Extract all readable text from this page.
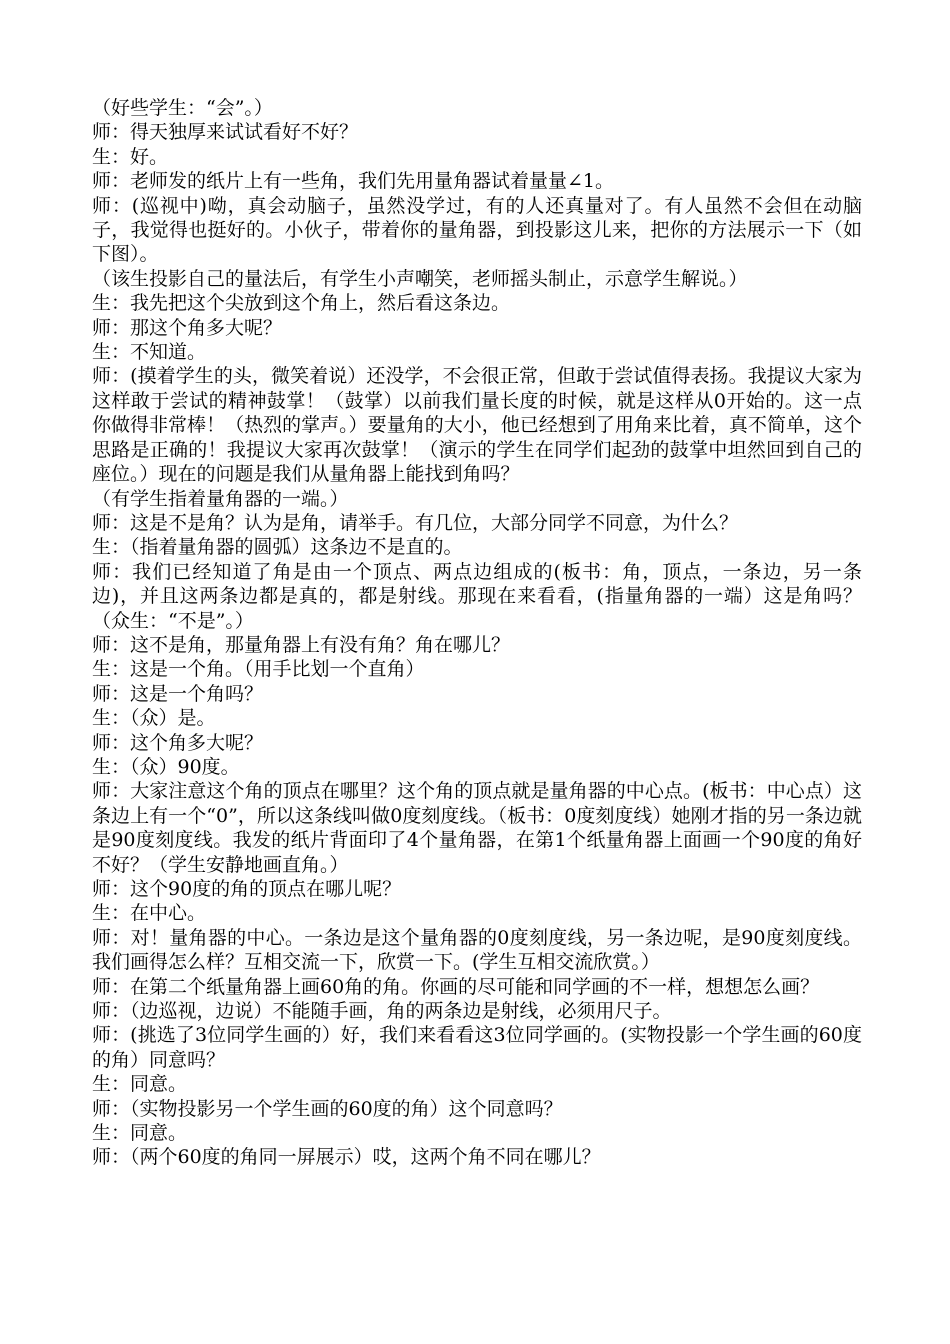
（好些学生：“会”。）

师：得天独厚来试试看好不好？

生：好。

师：老师发的纸片上有一些角，我们先用量角器试着量量∠1。

师：(巡视中)呦，真会动脑子，虽然没学过，有的人还真量对了。有人虽然不会但在动脑子，我觉得也挺好的。小伙子，带着你的量角器，到投影这儿来，把你的方法展示一下（如下图）。

（该生投影自己的量法后，有学生小声嘲笑，老师摇头制止，示意学生解说。）

生：我先把这个尖放到这个角上，然后看这条边。

师：那这个角多大呢？

生：不知道。

师：(摸着学生的头，微笑着说）还没学，不会很正常，但敢于尝试值得表扬。我提议大家为这样敢于尝试的精神鼓掌！（鼓掌）以前我们量长度的时候，就是这样从0开始的。这一点你做得非常棒！（热烈的掌声。）要量角的大小，他已经想到了用角来比着，真不简单，这个思路是正确的！我提议大家再次鼓掌！（演示的学生在同学们起劲的鼓掌中坦然回到自己的座位。）现在的问题是我们从量角器上能找到角吗？

（有学生指着量角器的一端。）

师：这是不是角？认为是角，请举手。有几位，大部分同学不同意，为什么？

生：（指着量角器的圆弧）这条边不是直的。

师：我们已经知道了角是由一个顶点、两点边组成的(板书：角，顶点，一条边，另一条边)，并且这两条边都是真的，都是射线。那现在来看看，(指量角器的一端）这是角吗？（众生：“不是”。）

师：这不是角，那量角器上有没有角？角在哪儿？

生：这是一个角。（用手比划一个直角）

师：这是一个角吗？

生：（众）是。

师：这个角多大呢？

生：（众）90度。

师：大家注意这个角的顶点在哪里？这个角的顶点就是量角器的中心点。(板书：中心点）这条边上有一个“0”，所以这条线叫做0度刻度线。（板书：0度刻度线）她刚才指的另一条边就是90度刻度线。我发的纸片背面印了4个量角器，在第1个纸量角器上面画一个90度的角好不好？（学生安静地画直角。）

师：这个90度的角的顶点在哪儿呢？

生：在中心。

师：对！量角器的中心。一条边是这个量角器的0度刻度线，另一条边呢，是90度刻度线。我们画得怎么样？互相交流一下，欣赏一下。(学生互相交流欣赏。）

师：在第二个纸量角器上画60角的角。你画的尽可能和同学画的不一样，想想怎么画？

师：（边巡视，边说）不能随手画，角的两条边是射线，必须用尺子。

师：(挑选了3位同学生画的）好，我们来看看这3位同学画的。(实物投影一个学生画的60度的角）同意吗？

生：同意。

师：（实物投影另一个学生画的60度的角）这个同意吗？

生：同意。

师：（两个60度的角同一屏展示）哎，这两个角不同在哪儿？
